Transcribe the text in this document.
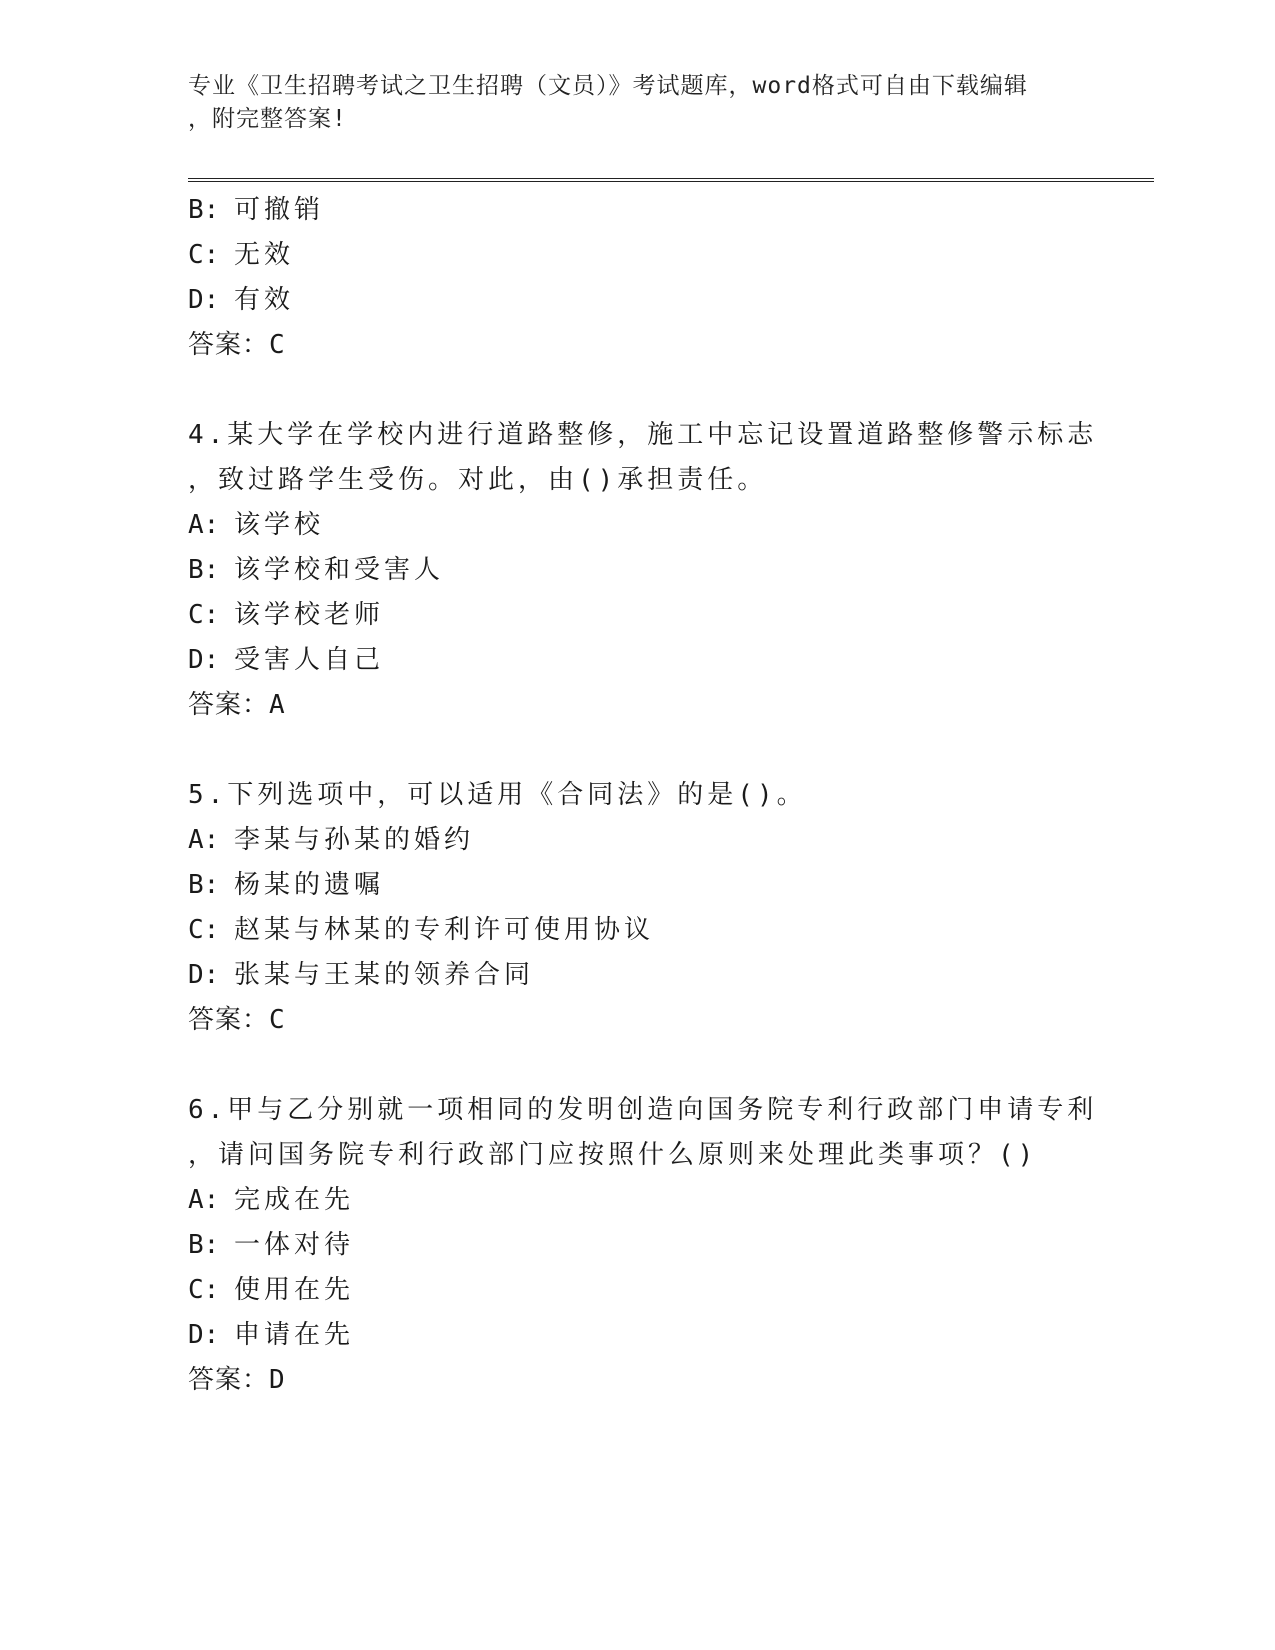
专业《卫生招聘考试之卫生招聘（文员）》考试题库，word格式可自由下载编辑
，附完整答案!
B: 可撤销
C: 无效
D: 有效
答案：C
4.某大学在学校内进行道路整修，施工中忘记设置道路整修警示标志
，致过路学生受伤。对此，由()承担责任。
A: 该学校
B: 该学校和受害人
C: 该学校老师
D: 受害人自己
答案：A
5.下列选项中，可以适用《合同法》的是()。
A: 李某与孙某的婚约
B: 杨某的遗嘱
C: 赵某与林某的专利许可使用协议
D: 张某与王某的领养合同
答案：C
6.甲与乙分别就一项相同的发明创造向国务院专利行政部门申请专利
，请问国务院专利行政部门应按照什么原则来处理此类事项？()
A: 完成在先
B: 一体对待
C: 使用在先
D: 申请在先
答案：D
